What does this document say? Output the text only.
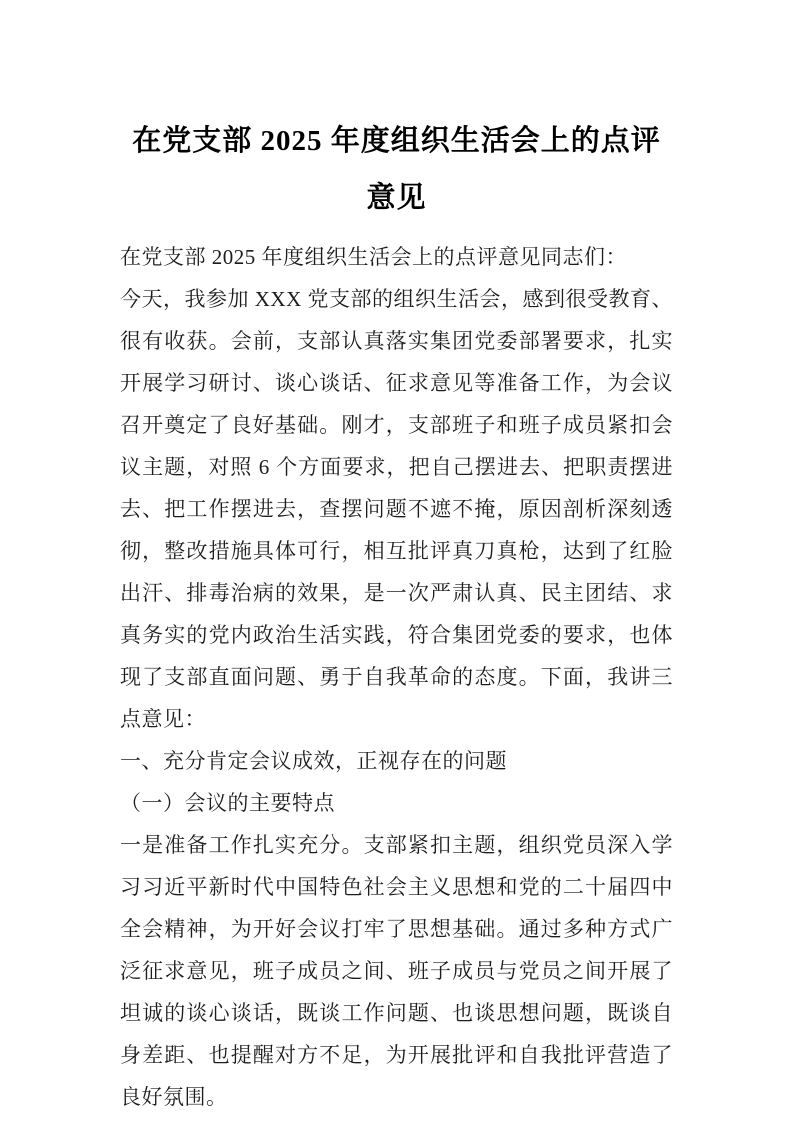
在党支部 2025 年度组织生活会上的点评意见

在党支部 2025 年度组织生活会上的点评意见同志们：

今天，我参加 XXX 党支部的组织生活会，感到很受教育、很有收获。会前，支部认真落实集团党委部署要求，扎实开展学习研讨、谈心谈话、征求意见等准备工作，为会议召开奠定了良好基础。刚才，支部班子和班子成员紧扣会议主题，对照 6 个方面要求，把自己摆进去、把职责摆进去、把工作摆进去，查摆问题不遮不掩，原因剖析深刻透彻，整改措施具体可行，相互批评真刀真枪，达到了红脸出汗、排毒治病的效果，是一次严肃认真、民主团结、求真务实的党内政治生活实践，符合集团党委的要求，也体现了支部直面问题、勇于自我革命的态度。下面，我讲三点意见：

一、充分肯定会议成效，正视存在的问题

（一）会议的主要特点

一是准备工作扎实充分。支部紧扣主题，组织党员深入学习习近平新时代中国特色社会主义思想和党的二十届四中全会精神，为开好会议打牢了思想基础。通过多种方式广泛征求意见，班子成员之间、班子成员与党员之间开展了坦诚的谈心谈话，既谈工作问题、也谈思想问题，既谈自身差距、也提醒对方不足，为开展批评和自我批评营造了良好氛围。
